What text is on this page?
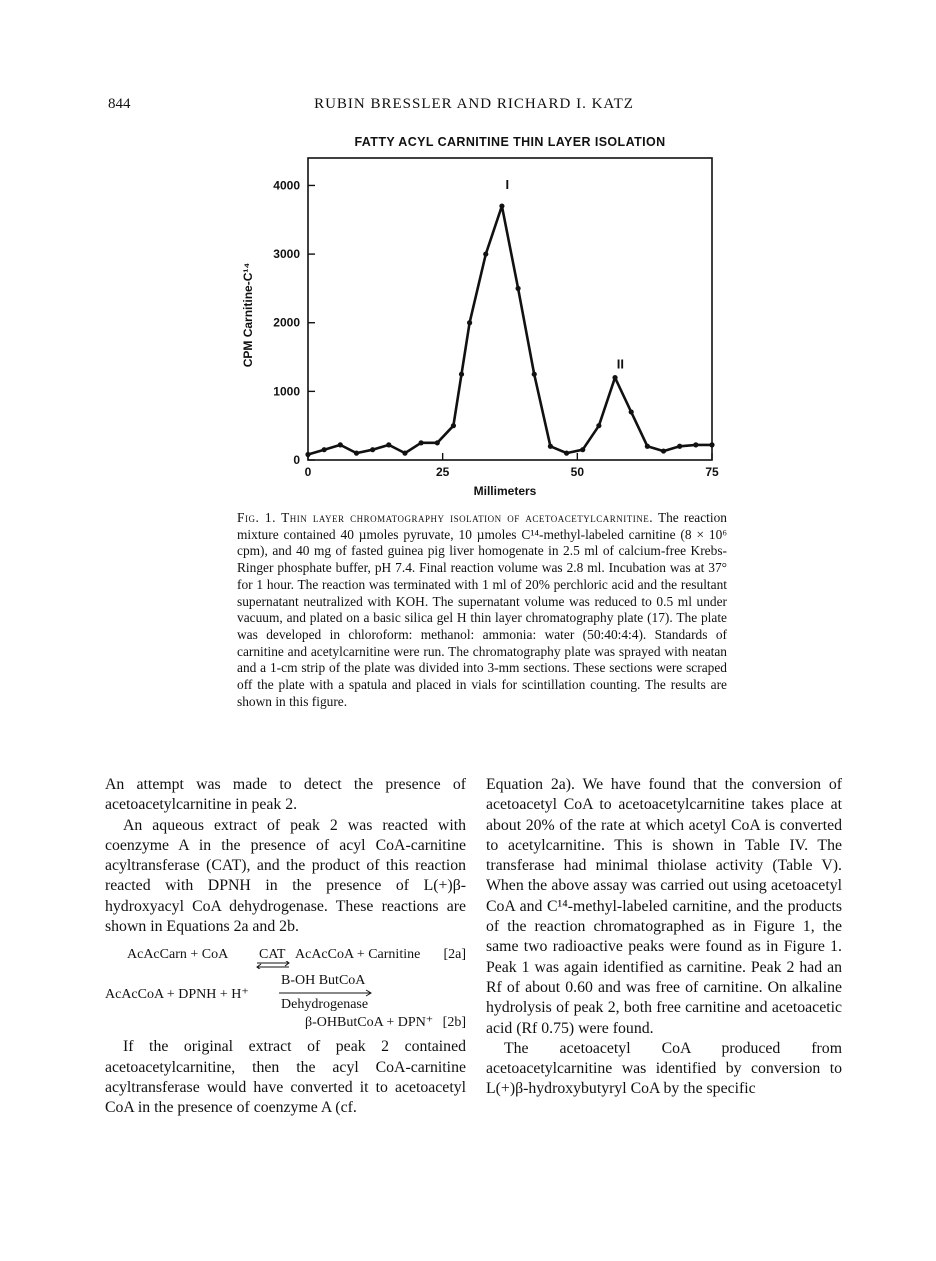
844	RUBIN BRESSLER AND RICHARD I. KATZ
FATTY ACYL CARNITINE THIN LAYER ISOLATION
0
1000
2000
3000
4000
0	25	50	75
I
II
Millimeters
CPM Carnitine-C¹⁴
Fig. 1. Thin layer chromatography isolation of acetoacetylcarnitine. The reaction mixture contained 40 µmoles pyruvate, 10 µmoles C¹⁴-methyl-labeled carnitine (8 × 10⁶ cpm), and 40 mg of fasted guinea pig liver homogenate in 2.5 ml of calcium-free Krebs-Ringer phosphate buffer, pH 7.4. Final reaction volume was 2.8 ml. Incubation was at 37° for 1 hour. The reaction was terminated with 1 ml of 20% perchloric acid and the resultant supernatant neutralized with KOH. The supernatant volume was reduced to 0.5 ml under vacuum, and plated on a basic silica gel H thin layer chromatography plate (17). The plate was developed in chloroform: methanol: ammonia: water (50:40:4:4). Standards of carnitine and acetylcarnitine were run. The chromatography plate was sprayed with neatan and a 1-cm strip of the plate was divided into 3-mm sections. These sections were scraped off the plate with a spatula and placed in vials for scintillation counting. The results are shown in this figure.

An attempt was made to detect the presence of acetoacetylcarnitine in peak 2.

An aqueous extract of peak 2 was reacted with coenzyme A in the presence of acyl CoA-carnitine acyltransferase (CAT), and the product of this reaction reacted with DPNH in the presence of L(+)β-hydroxyacyl CoA dehydrogenase. These reactions are shown in Equations 2a and 2b.

AcAcCarn + CoA CAT AcAcCoA + Carnitine [2a]
AcAcCoA + DPNH + H⁺
B-OH ButCoA
Dehydrogenase
β-OHButCoA + DPN⁺ [2b]

If the original extract of peak 2 contained acetoacetylcarnitine, then the acyl CoA-carnitine acyltransferase would have converted it to acetoacetyl CoA in the presence of coenzyme A (cf.

Equation 2a). We have found that the conversion of acetoacetyl CoA to acetoacetylcarnitine takes place at about 20% of the rate at which acetyl CoA is converted to acetylcarnitine. This is shown in Table IV. The transferase had minimal thiolase activity (Table V). When the above assay was carried out using acetoacetyl CoA and C¹⁴-methyl-labeled carnitine, and the products of the reaction chromatographed as in Figure 1, the same two radioactive peaks were found as in Figure 1. Peak 1 was again identified as carnitine. Peak 2 had an Rf of about 0.60 and was free of carnitine. On alkaline hydrolysis of peak 2, both free carnitine and acetoacetic acid (Rf 0.75) were found.

The acetoacetyl CoA produced from acetoacetylcarnitine was identified by conversion to L(+)β-hydroxybutyryl CoA by the specific
